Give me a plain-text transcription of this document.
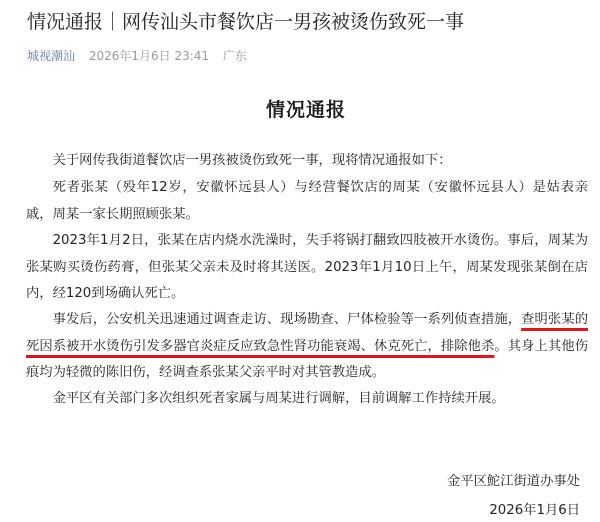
情况通报｜网传汕头市餐饮店一男孩被烫伤致死一事
城视潮汕 2026年1月6日 23:41 广东
情况通报

关于网传我街道餐饮店一男孩被烫伤致死一事，现将情况通报如下：

死者张某（殁年12岁，安徽怀远县人）与经营餐饮店的周某（安徽怀远县人）是姑表亲戚，周某一家长期照顾张某。

2023年1月2日，张某在店内烧水洗澡时，失手将锅打翻致四肢被开水烫伤。事后，周某为张某购买烫伤药膏，但张某父亲未及时将其送医。2023年1月10日上午，周某发现张某倒在店内，经120到场确认死亡。

事发后，公安机关迅速通过调查走访、现场勘查、尸体检验等一系列侦查措施，查明张某的死因系被开水烫伤引发多器官炎症反应致急性肾功能衰竭、休克死亡，排除他杀。其身上其他伤痕均为轻微的陈旧伤，经调查系张某父亲平时对其管教造成。

金平区有关部门多次组织死者家属与周某进行调解，目前调解工作持续开展。

金平区鮀江街道办事处
2026年1月6日
